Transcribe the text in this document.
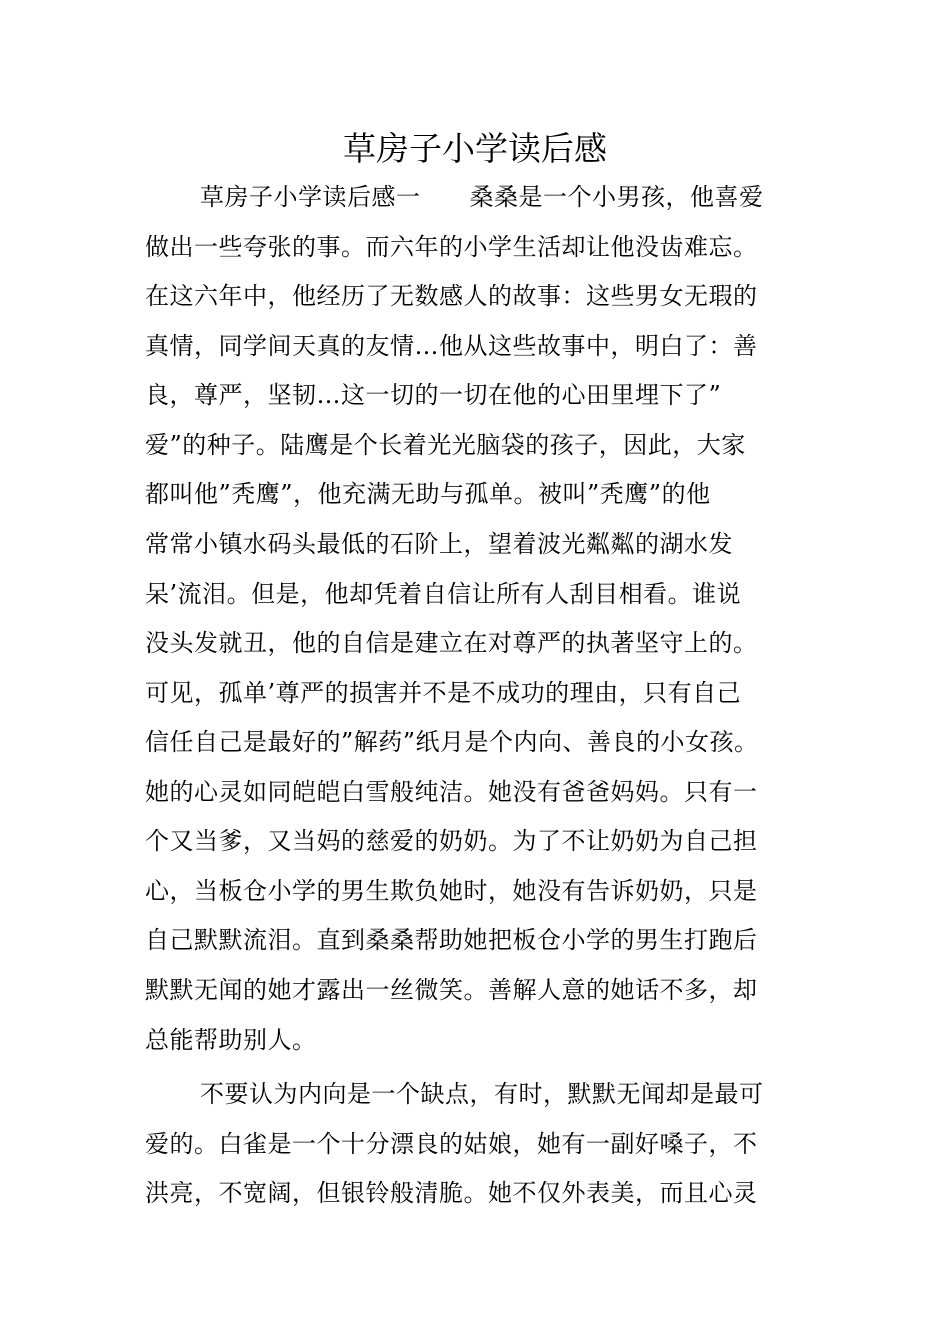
草房子小学读后感
草房子小学读后感一　　桑桑是一个小男孩，他喜爱
做出一些夸张的事。而六年的小学生活却让他没齿难忘。
在这六年中，他经历了无数感人的故事：这些男女无瑕的
真情，同学间天真的友情…他从这些故事中，明白了：善
良，尊严，坚韧…这一切的一切在他的心田里埋下了”
爱”的种子。陆鹰是个长着光光脑袋的孩子，因此，大家
都叫他”秃鹰”，他充满无助与孤单。被叫”秃鹰”的他
常常小镇水码头最低的石阶上，望着波光粼粼的湖水发
呆’流泪。但是，他却凭着自信让所有人刮目相看。谁说
没头发就丑，他的自信是建立在对尊严的执著坚守上的。
可见，孤单’尊严的损害并不是不成功的理由，只有自己
信任自己是最好的”解药”纸月是个内向、善良的小女孩。
她的心灵如同皑皑白雪般纯洁。她没有爸爸妈妈。只有一
个又当爹，又当妈的慈爱的奶奶。为了不让奶奶为自己担
心，当板仓小学的男生欺负她时，她没有告诉奶奶，只是
自己默默流泪。直到桑桑帮助她把板仓小学的男生打跑后
默默无闻的她才露出一丝微笑。善解人意的她话不多，却
总能帮助别人。
不要认为内向是一个缺点，有时，默默无闻却是最可
爱的。白雀是一个十分漂良的姑娘，她有一副好嗓子，不
洪亮，不宽阔，但银铃般清脆。她不仅外表美，而且心灵
